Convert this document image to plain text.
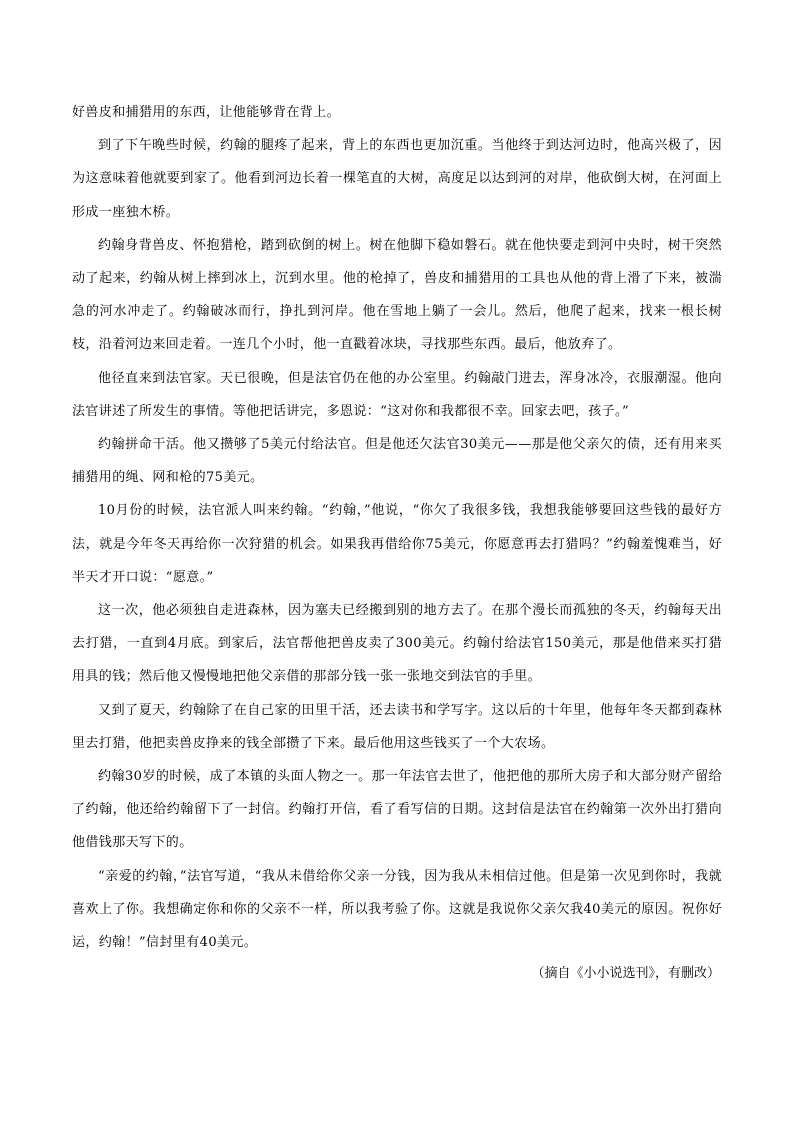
好兽皮和捕猎用的东西，让他能够背在背上。

到了下午晚些时候，约翰的腿疼了起来，背上的东西也更加沉重。当他终于到达河边时，他高兴极了，因为这意味着他就要到家了。他看到河边长着一棵笔直的大树，高度足以达到河的对岸，他砍倒大树，在河面上形成一座独木桥。

约翰身背兽皮、怀抱猎枪，踏到砍倒的树上。树在他脚下稳如磐石。就在他快要走到河中央时，树干突然动了起来，约翰从树上摔到冰上，沉到水里。他的枪掉了，兽皮和捕猎用的工具也从他的背上滑了下来，被湍急的河水冲走了。约翰破冰而行，挣扎到河岸。他在雪地上躺了一会儿。然后，他爬了起来，找来一根长树枝，沿着河边来回走着。一连几个小时，他一直戳着冰块，寻找那些东西。最后，他放弃了。

他径直来到法官家。天已很晚，但是法官仍在他的办公室里。约翰敲门进去，浑身冰冷，衣服潮湿。他向法官讲述了所发生的事情。等他把话讲完，多恩说：“这对你和我都很不幸。回家去吧，孩子。”

约翰拼命干活。他又攒够了5美元付给法官。但是他还欠法官30美元——那是他父亲欠的债，还有用来买捕猎用的绳、网和枪的75美元。

10月份的时候，法官派人叫来约翰。“约翰，”他说，“你欠了我很多钱，我想我能够要回这些钱的最好方法，就是今年冬天再给你一次狩猎的机会。如果我再借给你75美元，你愿意再去打猎吗？”约翰羞愧难当，好半天才开口说：“愿意。”

这一次，他必须独自走进森林，因为塞夫已经搬到别的地方去了。在那个漫长而孤独的冬天，约翰每天出去打猎，一直到4月底。到家后，法官帮他把兽皮卖了300美元。约翰付给法官150美元，那是他借来买打猎用具的钱；然后他又慢慢地把他父亲借的那部分钱一张一张地交到法官的手里。

又到了夏天，约翰除了在自己家的田里干活，还去读书和学写字。这以后的十年里，他每年冬天都到森林里去打猎，他把卖兽皮挣来的钱全部攒了下来。最后他用这些钱买了一个大农场。

约翰30岁的时候，成了本镇的头面人物之一。那一年法官去世了，他把他的那所大房子和大部分财产留给了约翰，他还给约翰留下了一封信。约翰打开信，看了看写信的日期。这封信是法官在约翰第一次外出打猎向他借钱那天写下的。

“亲爱的约翰，”法官写道，“我从未借给你父亲一分钱，因为我从未相信过他。但是第一次见到你时，我就喜欢上了你。我想确定你和你的父亲不一样，所以我考验了你。这就是我说你父亲欠我40美元的原因。祝你好运，约翰！”信封里有40美元。

（摘自《小小说选刊》，有删改）
